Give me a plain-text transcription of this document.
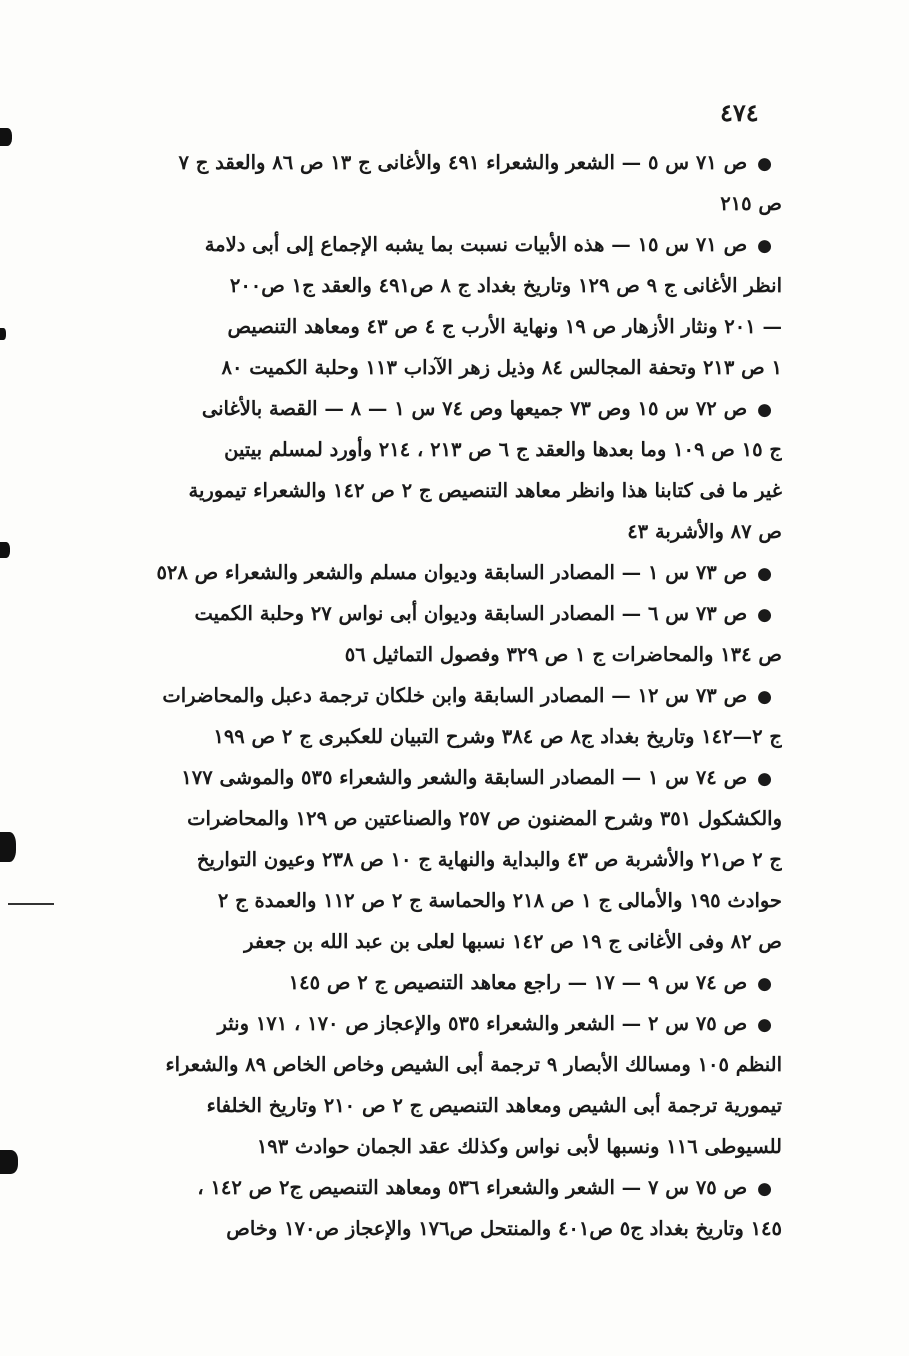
٤٧٤
●ص ٧١ س ٥ — الشعر والشعراء ٤٩١ والأغانى ج ١٣ ص ٨٦ والعقد ج ٧
ص ٢١٥
●ص ٧١ س ١٥ — هذه الأبيات نسبت بما يشبه الإجماع إلى أبى دلامة
انظر الأغانى ج ٩ ص ١٢٩ وتاريخ بغداد ج ٨ ص٤٩١ والعقد ج١ ص٢٠٠
— ٢٠١ ونثار الأزهار ص ١٩ ونهاية الأرب ج ٤ ص ٤٣ ومعاهد التنصيص
١ ص ٢١٣ وتحفة المجالس ٨٤ وذيل زهر الآداب ١١٣ وحلبة الكميت ٨٠
●ص ٧٢ س ١٥ وص ٧٣ جميعها وص ٧٤ س ١ — ٨ — القصة بالأغانى
ج ١٥ ص ١٠٩ وما بعدها والعقد ج ٦ ص ٢١٣ ، ٢١٤ وأورد لمسلم بيتين
غير ما فى كتابنا هذا وانظر معاهد التنصيص ج ٢ ص ١٤٢ والشعراء تيمورية
ص ٨٧ والأشربة ٤٣
●ص ٧٣ س ١ — المصادر السابقة وديوان مسلم والشعر والشعراء ص ٥٢٨
●ص ٧٣ س ٦ — المصادر السابقة وديوان أبى نواس ٢٧ وحلبة الكميت
ص ١٣٤ والمحاضرات ج ١ ص ٣٢٩ وفصول التماثيل ٥٦
●ص ٧٣ س ١٢ — المصادر السابقة وابن خلكان ترجمة دعبل والمحاضرات
ج ٢—١٤٢ وتاريخ بغداد ج٨ ص ٣٨٤ وشرح التبيان للعكبرى ج ٢ ص ١٩٩
●ص ٧٤ س ١ — المصادر السابقة والشعر والشعراء ٥٣٥ والموشى ١٧٧
والكشكول ٣٥١ وشرح المضنون ص ٢٥٧ والصناعتين ص ١٢٩ والمحاضرات
ج ٢ ص٢١ والأشربة ص ٤٣ والبداية والنهاية ج ١٠ ص ٢٣٨ وعيون التواريخ
حوادث ١٩٥ والأمالى ج ١ ص ٢١٨ والحماسة ج ٢ ص ١١٢ والعمدة ج ٢
ص ٨٢ وفى الأغانى ج ١٩ ص ١٤٢ نسبها لعلى بن عبد الله بن جعفر
●ص ٧٤ س ٩ — ١٧ — راجع معاهد التنصيص ج ٢ ص ١٤٥
●ص ٧٥ س ٢ — الشعر والشعراء ٥٣٥ والإعجاز ص ١٧٠ ، ١٧١ ونثر
النظم ١٠٥ ومسالك الأبصار ٩ ترجمة أبى الشيص وخاص الخاص ٨٩ والشعراء
تيمورية ترجمة أبى الشيص ومعاهد التنصيص ج ٢ ص ٢١٠ وتاريخ الخلفاء
للسيوطى ١١٦ ونسبها لأبى نواس وكذلك عقد الجمان حوادث ١٩٣
●ص ٧٥ س ٧ — الشعر والشعراء ٥٣٦ ومعاهد التنصيص ج٢ ص ١٤٢ ،
١٤٥ وتاريخ بغداد ج٥ ص٤٠١ والمنتحل ص١٧٦ والإعجاز ص١٧٠ وخاص
